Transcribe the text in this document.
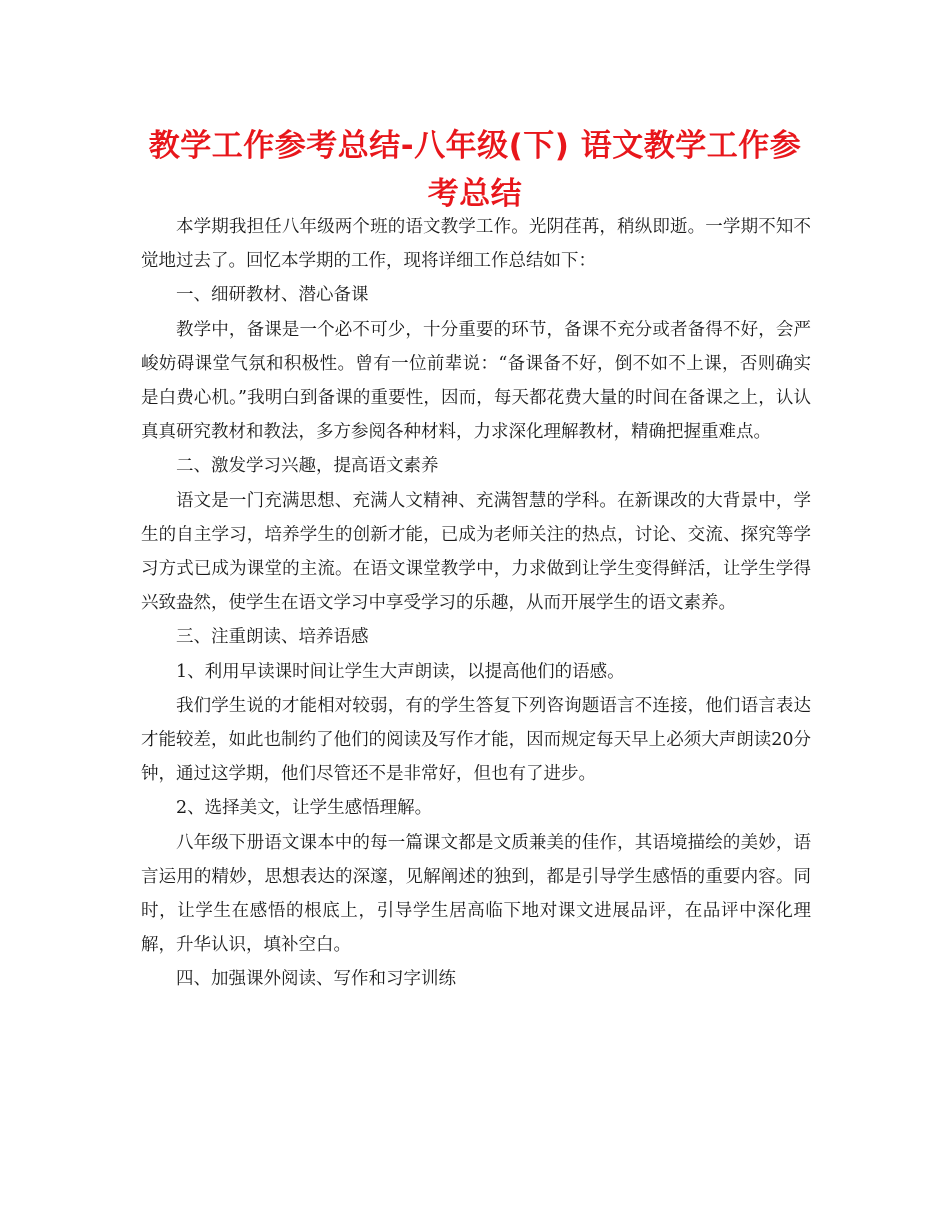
教学工作参考总结-八年级(下) 语文教学工作参考总结

本学期我担任八年级两个班的语文教学工作。光阴荏苒，稍纵即逝。一学期不知不觉地过去了。回忆本学期的工作，现将详细工作总结如下：

一、细研教材、潜心备课

教学中，备课是一个必不可少，十分重要的环节，备课不充分或者备得不好，会严峻妨碍课堂气氛和积极性。曾有一位前辈说：“备课备不好，倒不如不上课，否则确实是白费心机。”我明白到备课的重要性，因而，每天都花费大量的时间在备课之上，认认真真研究教材和教法，多方参阅各种材料，力求深化理解教材，精确把握重难点。

二、激发学习兴趣，提高语文素养

语文是一门充满思想、充满人文精神、充满智慧的学科。在新课改的大背景中，学生的自主学习，培养学生的创新才能，已成为老师关注的热点，讨论、交流、探究等学习方式已成为课堂的主流。在语文课堂教学中，力求做到让学生变得鲜活，让学生学得兴致盎然，使学生在语文学习中享受学习的乐趣，从而开展学生的语文素养。

三、注重朗读、培养语感

1、利用早读课时间让学生大声朗读，以提高他们的语感。

我们学生说的才能相对较弱，有的学生答复下列咨询题语言不连接，他们语言表达才能较差，如此也制约了他们的阅读及写作才能，因而规定每天早上必须大声朗读20分钟，通过这学期，他们尽管还不是非常好，但也有了进步。

2、选择美文，让学生感悟理解。

八年级下册语文课本中的每一篇课文都是文质兼美的佳作，其语境描绘的美妙，语言运用的精妙，思想表达的深邃，见解阐述的独到，都是引导学生感悟的重要内容。同时，让学生在感悟的根底上，引导学生居高临下地对课文进展品评，在品评中深化理解，升华认识，填补空白。

四、加强课外阅读、写作和习字训练
